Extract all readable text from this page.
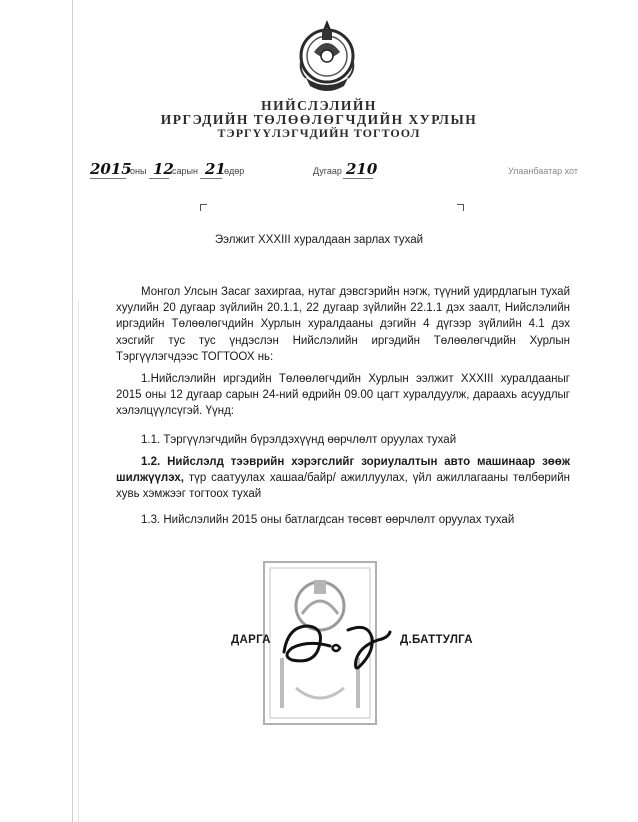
НИЙСЛЭЛИЙН
ИРГЭДИЙН ТӨЛӨӨЛӨГЧДИЙН ХУРЛЫН
ТЭРГҮҮЛЭГЧДИЙН ТОГТООЛ
2015
оны 12
сарын 21
өдөр	Дугаар 210	Улаанбаатар хот
Ээлжит XXXIII хуралдаан зарлах тухай
Монгол Улсын Засаг захиргаа, нутаг дэвсгэрийн нэгж, түүний удирдлагын тухай хуулийн 20 дугаар зүйлийн 20.1.1, 22 дугаар зүйлийн 22.1.1 дэх заалт, Нийслэлийн иргэдийн Төлөөлөгчдийн Хурлын хуралдааны дэгийн 4 дүгээр зүйлийн 4.1 дэх хэсгийг тус тус үндэслэн Нийслэлийн иргэдийн Төлөөлөгчдийн Хурлын Тэргүүлэгчдээс ТОГТООХ нь:
1.Нийслэлийн иргэдийн Төлөөлөгчдийн Хурлын ээлжит XXXIII хуралдааныг 2015 оны 12 дугаар сарын 24-ний өдрийн 09.00 цагт хуралдуулж, дараахь асуудлыг хэлэлцүүлсүгэй. Үүнд:
1.1. Тэргүүлэгчдийн бүрэлдэхүүнд өөрчлөлт оруулах тухай
1.2. Нийслэлд тээврийн хэрэгслийг зориулалтын авто машинаар зөөж шилжүүлэх, түр саатуулах хашаа/байр/ ажиллуулах, үйл ажиллагааны төлбөрийн хувь хэмжээг тогтоох тухай
1.3. Нийслэлийн 2015 оны батлагдсан төсөвт өөрчлөлт оруулах тухай
ДАРГА	Д.БАТТУЛГА
